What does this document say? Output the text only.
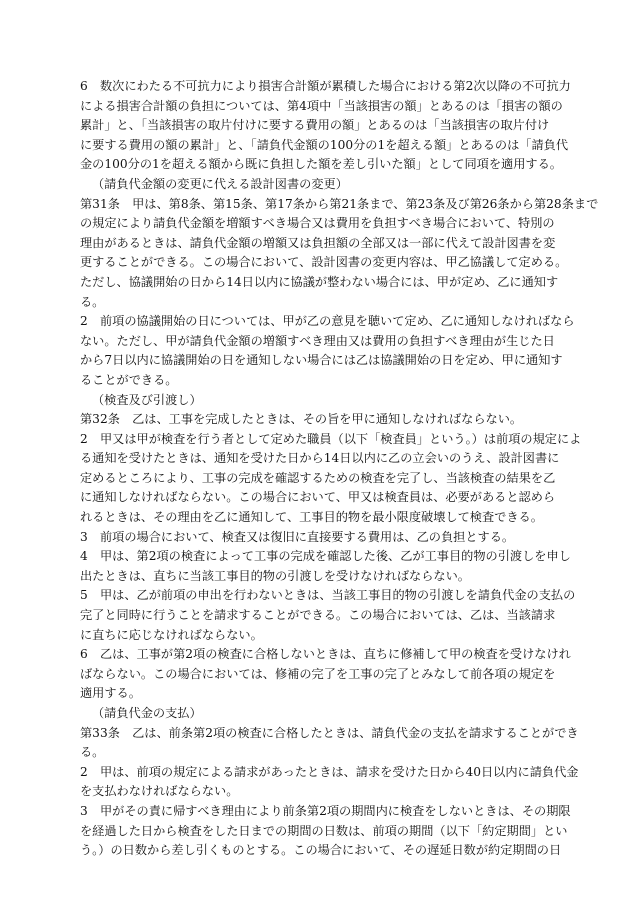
6　数次にわたる不可抗力により損害合計額が累積した場合における第2次以降の不可抗力
による損害合計額の負担については、第4項中「当該損害の額」とあるのは「損害の額の
累計」と、「当該損害の取片付けに要する費用の額」とあるのは「当該損害の取片付け
に要する費用の額の累計」と、「請負代金額の100分の1を超える額」とあるのは「請負代
金の100分の1を超える額から既に負担した額を差し引いた額」として同項を適用する。
（請負代金額の変更に代える設計図書の変更）
第31条　甲は、第8条、第15条、第17条から第21条まで、第23条及び第26条から第28条まで
の規定により請負代金額を増額すべき場合又は費用を負担すべき場合において、特別の
理由があるときは、請負代金額の増額又は負担額の全部又は一部に代えて設計図書を変
更することができる。この場合において、設計図書の変更内容は、甲乙協議して定める。
ただし、協議開始の日から14日以内に協議が整わない場合には、甲が定め、乙に通知す
る。
2　前項の協議開始の日については、甲が乙の意見を聴いて定め、乙に通知しなければなら
ない。ただし、甲が請負代金額の増額すべき理由又は費用の負担すべき理由が生じた日
から7日以内に協議開始の日を通知しない場合には乙は協議開始の日を定め、甲に通知す
ることができる。
（検査及び引渡し）
第32条　乙は、工事を完成したときは、その旨を甲に通知しなければならない。
2　甲又は甲が検査を行う者として定めた職員（以下「検査員」という。）は前項の規定によ
る通知を受けたときは、通知を受けた日から14日以内に乙の立会いのうえ、設計図書に
定めるところにより、工事の完成を確認するための検査を完了し、当該検査の結果を乙
に通知しなければならない。この場合において、甲又は検査員は、必要があると認めら
れるときは、その理由を乙に通知して、工事目的物を最小限度破壊して検査できる。
3　前項の場合において、検査又は復旧に直接要する費用は、乙の負担とする。
4　甲は、第2項の検査によって工事の完成を確認した後、乙が工事目的物の引渡しを申し
出たときは、直ちに当該工事目的物の引渡しを受けなければならない。
5　甲は、乙が前項の申出を行わないときは、当該工事目的物の引渡しを請負代金の支払の
完了と同時に行うことを請求することができる。この場合においては、乙は、当該請求
に直ちに応じなければならない。
6　乙は、工事が第2項の検査に合格しないときは、直ちに修補して甲の検査を受けなけれ
ばならない。この場合においては、修補の完了を工事の完了とみなして前各項の規定を
適用する。
（請負代金の支払）
第33条　乙は、前条第2項の検査に合格したときは、請負代金の支払を請求することができ
る。
2　甲は、前項の規定による請求があったときは、請求を受けた日から40日以内に請負代金
を支払わなければならない。
3　甲がその責に帰すべき理由により前条第2項の期間内に検査をしないときは、その期限
を経過した日から検査をした日までの期間の日数は、前項の期間（以下「約定期間」とい
う。）の日数から差し引くものとする。この場合において、その遅延日数が約定期間の日
